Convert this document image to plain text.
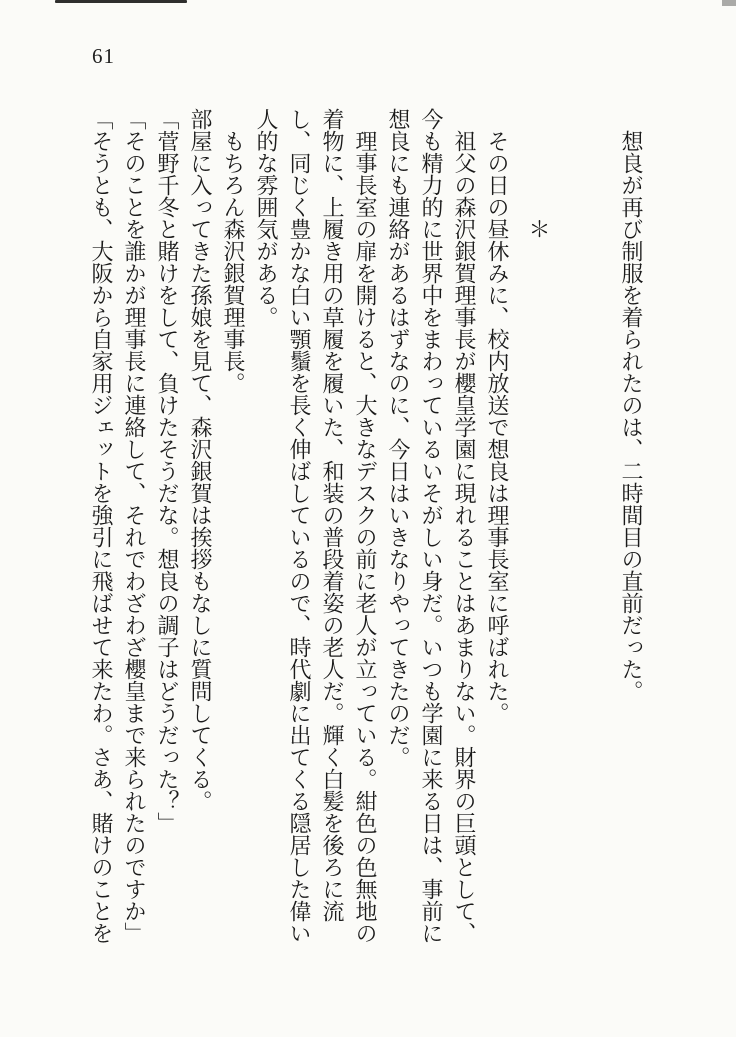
61

想良が再び制服を着られたのは、二時間目の直前だった。

＊

その日の昼休みに、校内放送で想良は理事長室に呼ばれた。

祖父の森沢銀賀理事長が櫻皇学園に現れることはあまりない。財界の巨頭として、今も精力的に世界中をまわっているいそがしい身だ。いつも学園に来る日は、事前に想良にも連絡があるはずなのに、今日はいきなりやってきたのだ。

理事長室の扉を開けると、大きなデスクの前に老人が立っている。紺色の色無地の着物に、上履き用の草履を履いた、和装の普段着姿の老人だ。輝く白髪を後ろに流し、同じく豊かな白い顎鬚を長く伸ばしているので、時代劇に出てくる隠居した偉い人的な雰囲気がある。

もちろん森沢銀賀理事長。

部屋に入ってきた孫娘を見て、森沢銀賀は挨拶もなしに質問してくる。

「菅野千冬と賭けをして、負けたそうだな。想良の調子はどうだった？」

「そのことを誰かが理事長に連絡して、それでわざわざ櫻皇まで来られたのですか」

「そうとも、大阪から自家用ジェットを強引に飛ばせて来たわ。さあ、賭けのことを
